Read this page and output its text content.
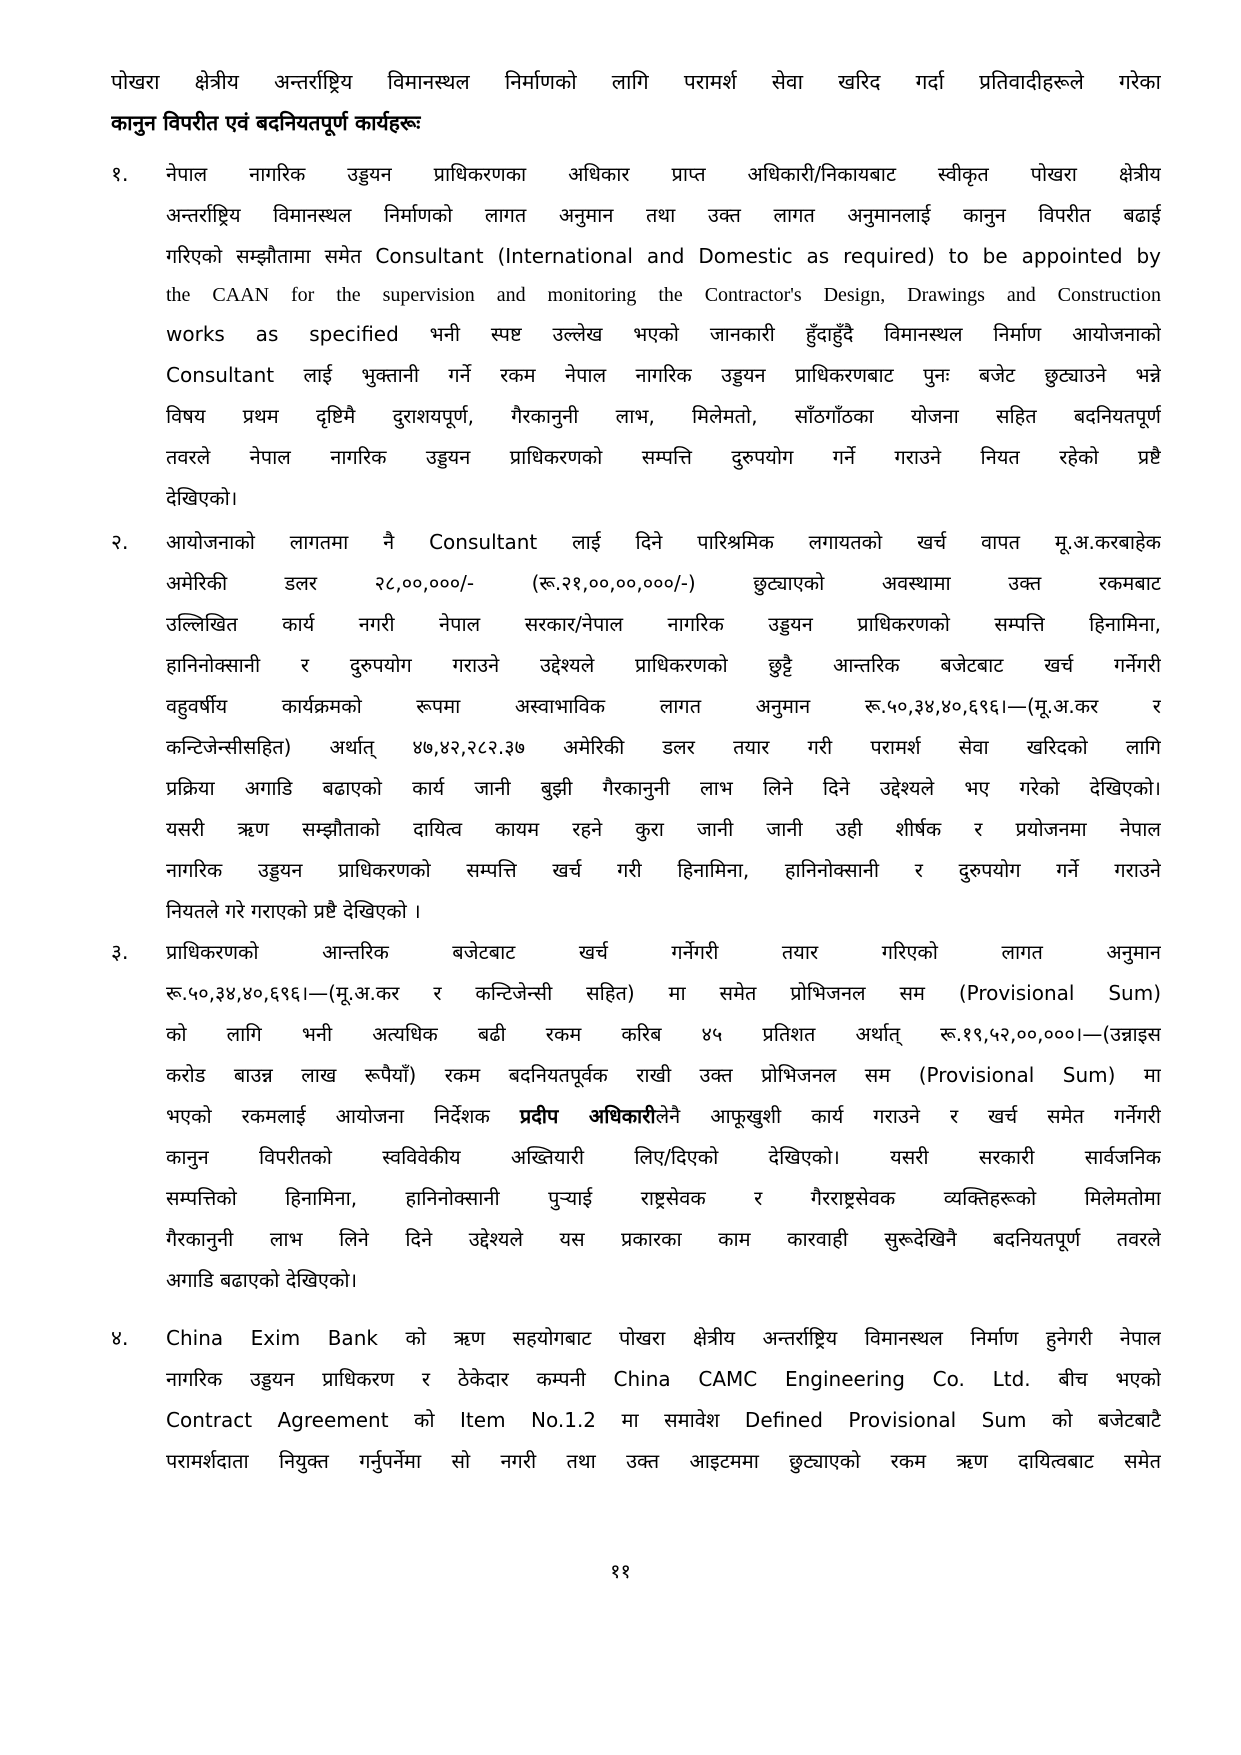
पोखरा क्षेत्रीय अन्तर्राष्ट्रिय विमानस्थल निर्माणको लागि परामर्श सेवा खरिद गर्दा प्रतिवादीहरूले गरेका
कानुन विपरीत एवं बदनियतपूर्ण कार्यहरूः
१.	नेपाल नागरिक उड्डयन प्राधिकरणका अधिकार प्राप्त अधिकारी/निकायबाट स्वीकृत पोखरा क्षेत्रीय
अन्तर्राष्ट्रिय विमानस्थल निर्माणको लागत अनुमान तथा उक्त लागत अनुमानलाई कानुन विपरीत बढाई
गरिएको सम्झौतामा समेत Consultant (International and Domestic as required) to be appointed by
the CAAN for the supervision and monitoring the Contractor's Design, Drawings and Construction
works as specified भनी स्पष्ट उल्लेख भएको जानकारी हुँदाहुँदै विमानस्थल निर्माण आयोजनाको
Consultant लाई भुक्तानी गर्ने रकम नेपाल नागरिक उड्डयन प्राधिकरणबाट पुनः बजेट छुट्याउने भन्ने
विषय प्रथम दृष्टिमै दुराशयपूर्ण, गैरकानुनी लाभ, मिलेमतो, साँठगाँठका योजना सहित बदनियतपूर्ण
तवरले नेपाल नागरिक उड्डयन प्राधिकरणको सम्पत्ति दुरुपयोग गर्ने गराउने नियत रहेको प्रष्टै
देखिएको।
२.	आयोजनाको लागतमा नै Consultant लाई दिने पारिश्रमिक लगायतको खर्च वापत मू.अ.करबाहेक
अमेरिकी डलर २८,००,०००/- (रू.२१,००,००,०००/-) छुट्याएको अवस्थामा उक्त रकमबाट
उल्लिखित कार्य नगरी नेपाल सरकार/नेपाल नागरिक उड्डयन प्राधिकरणको सम्पत्ति हिनामिना,
हानिनोक्सानी र दुरुपयोग गराउने उद्देश्यले प्राधिकरणको छुट्टै आन्तरिक बजेटबाट खर्च गर्नेगरी
वहुवर्षीय कार्यक्रमको रूपमा अस्वाभाविक लागत अनुमान रू.५०,३४,४०,६९६।—(मू.अ.कर र
कन्टिजेन्सीसहित) अर्थात् ४७,४२,२८२.३७ अमेरिकी डलर तयार गरी परामर्श सेवा खरिदको लागि
प्रक्रिया अगाडि बढाएको कार्य जानी बुझी गैरकानुनी लाभ लिने दिने उद्देश्यले भए गरेको देखिएको।
यसरी ऋण सम्झौताको दायित्व कायम रहने कुरा जानी जानी उही शीर्षक र प्रयोजनमा नेपाल
नागरिक उड्डयन प्राधिकरणको सम्पत्ति खर्च गरी हिनामिना, हानिनोक्सानी र दुरुपयोग गर्ने गराउने
नियतले गरे गराएको प्रष्टै देखिएको ।
३.	प्राधिकरणको आन्तरिक बजेटबाट खर्च गर्नेगरी तयार गरिएको लागत अनुमान
रू.५०,३४,४०,६९६।—(मू.अ.कर र कन्टिजेन्सी सहित) मा समेत प्रोभिजनल सम (Provisional Sum)
को लागि भनी अत्यधिक बढी रकम करिब ४५ प्रतिशत अर्थात् रू.१९,५२,००,०००।—(उन्नाइस
करोड बाउन्न लाख रूपैयाँ) रकम बदनियतपूर्वक राखी उक्त प्रोभिजनल सम (Provisional Sum) मा
भएको रकमलाई आयोजना निर्देशक प्रदीप अधिकारीलेनै आफूखुशी कार्य गराउने र खर्च समेत गर्नेगरी
कानुन विपरीतको स्वविवेकीय अख्तियारी लिए/दिएको देखिएको। यसरी सरकारी सार्वजनिक
सम्पत्तिको हिनामिना, हानिनोक्सानी पुऱ्याई राष्ट्रसेवक र गैरराष्ट्रसेवक व्यक्तिहरूको मिलेमतोमा
गैरकानुनी लाभ लिने दिने उद्देश्यले यस प्रकारका काम कारवाही सुरूदेखिनै बदनियतपूर्ण तवरले
अगाडि बढाएको देखिएको।
४.	China Exim Bank को ऋण सहयोगबाट पोखरा क्षेत्रीय अन्तर्राष्ट्रिय विमानस्थल निर्माण हुनेगरी नेपाल
नागरिक उड्डयन प्राधिकरण र ठेकेदार कम्पनी China CAMC Engineering Co. Ltd. बीच भएको
Contract Agreement को Item No.1.2 मा समावेश Defined Provisional Sum को बजेटबाटै
परामर्शदाता नियुक्त गर्नुपर्नेमा सो नगरी तथा उक्त आइटममा छुट्याएको रकम ऋण दायित्वबाट समेत
११
